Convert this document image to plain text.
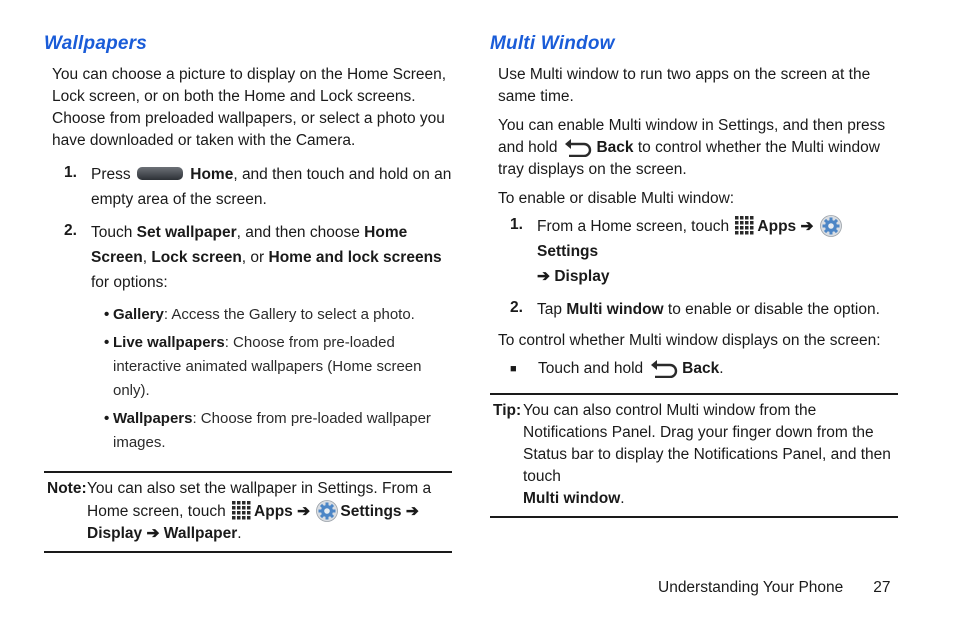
Wallpapers

You can choose a picture to display on the Home Screen, Lock screen, or on both the Home and Lock screens. Choose from preloaded wallpapers, or select a photo you have downloaded or taken with the Camera.

1. Press	Home, and then touch and hold on an empty area of the screen.
2. Touch Set wallpaper, and then choose Home Screen, Lock screen, or Home and lock screens for options:
• Gallery: Access the Gallery to select a photo.
• Live wallpapers: Choose from pre-loaded interactive animated wallpapers (Home screen only).
• Wallpapers: Choose from pre-loaded wallpaper images.
Note: You can also set the wallpaper in Settings. From a Home screen, touch Apps ➔ Settings ➔
Display ➔ Wallpaper.
Multi Window

Use Multi window to run two apps on the screen at the same time.

You can enable Multi window in Settings, and then press and hold	Back to control whether the Multi window tray displays on the screen.

To enable or disable Multi window:

1. From a Home screen, touch Apps ➔ Settings
➔ Display
2. Tap Multi window to enable or disable the option.

To control whether Multi window displays on the screen:

■	Touch and hold	Back.
Tip: You can also control Multi window from the Notifications Panel. Drag your finger down from the Status bar to display the Notifications Panel, and then touch
Multi window.
Understanding Your Phone 27
